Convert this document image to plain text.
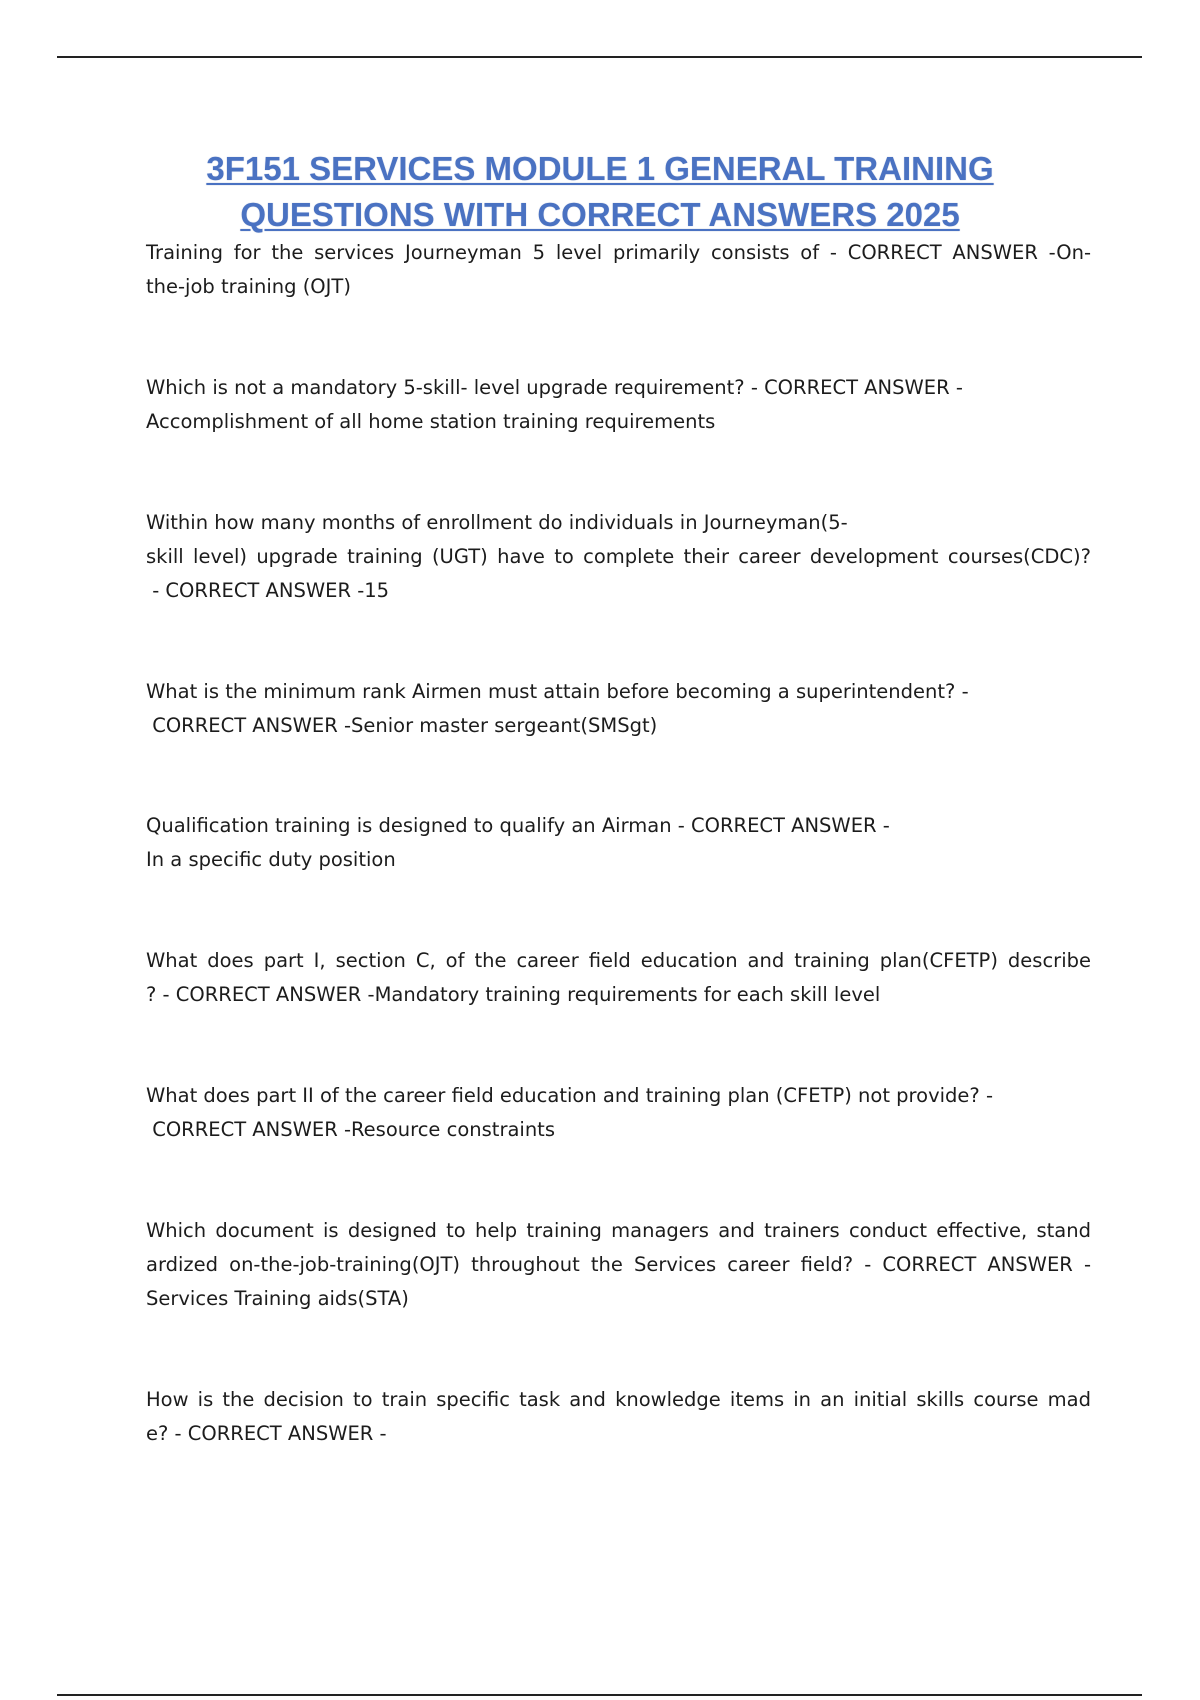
3F151 SERVICES MODULE 1 GENERAL TRAINING
QUESTIONS WITH CORRECT ANSWERS 2025

Training for the services Journeyman 5 level primarily consists of - CORRECT ANSWER -On-
the-job training (OJT)

Which is not a mandatory 5-skill- level upgrade requirement? - CORRECT ANSWER -
Accomplishment of all home station training requirements

Within how many months of enrollment do individuals in Journeyman(5-
skill level) upgrade training (UGT) have to complete their career development courses(CDC)?
- CORRECT ANSWER -15

What is the minimum rank Airmen must attain before becoming a superintendent? -
CORRECT ANSWER -Senior master sergeant(SMSgt)

Qualification training is designed to qualify an Airman - CORRECT ANSWER -
In a specific duty position

What does part I, section C, of the career field education and training plan(CFETP) describe
? - CORRECT ANSWER -Mandatory training requirements for each skill level

What does part II of the career field education and training plan (CFETP) not provide? -
CORRECT ANSWER -Resource constraints

Which document is designed to help training managers and trainers conduct effective, stand
ardized on-the-job-training(OJT) throughout the Services career field? - CORRECT ANSWER -
Services Training aids(STA)

How is the decision to train specific task and knowledge items in an initial skills course mad
e? - CORRECT ANSWER -
